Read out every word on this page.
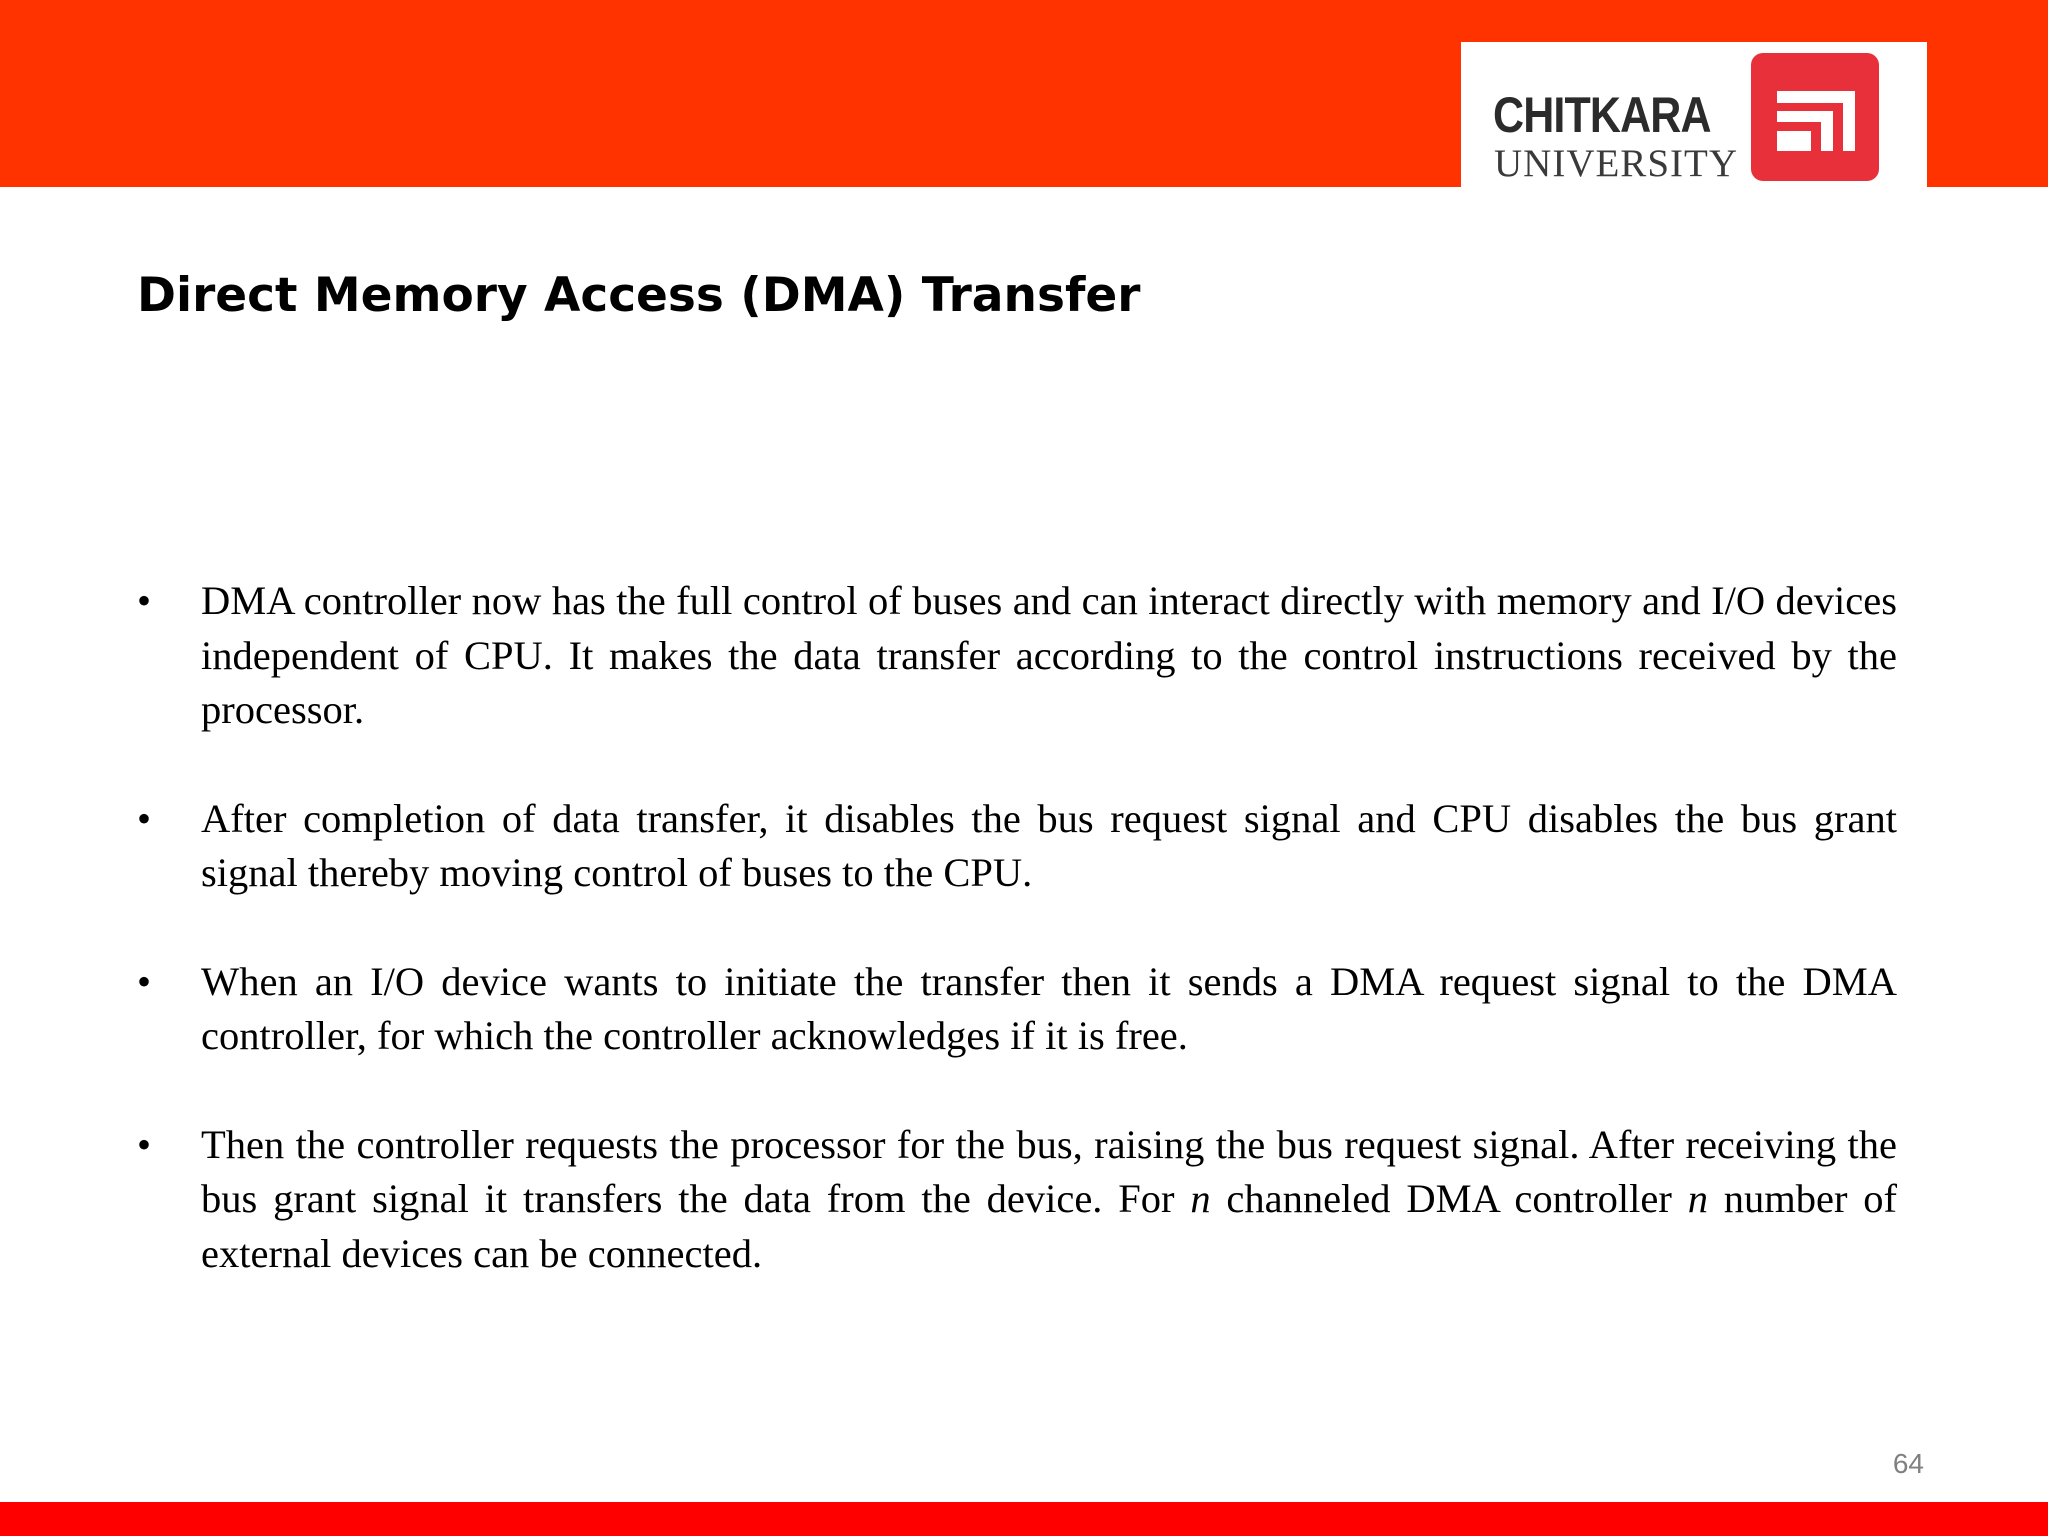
CHITKARA
UNIVERSITY
Direct Memory Access (DMA) Transfer
• DMA controller now has the full control of buses and can interact directly with memory and I/O devices independent of CPU. It makes the data transfer according to the control instructions received by the processor.
• After completion of data transfer, it disables the bus request signal and CPU disables the bus grant signal thereby moving control of buses to the CPU.
• When an I/O device wants to initiate the transfer then it sends a DMA request signal to the DMA controller, for which the controller acknowledges if it is free.
• Then the controller requests the processor for the bus, raising the bus request signal. After receiving the bus grant signal it transfers the data from the device. For n channeled DMA controller n number of external devices can be connected.
64
